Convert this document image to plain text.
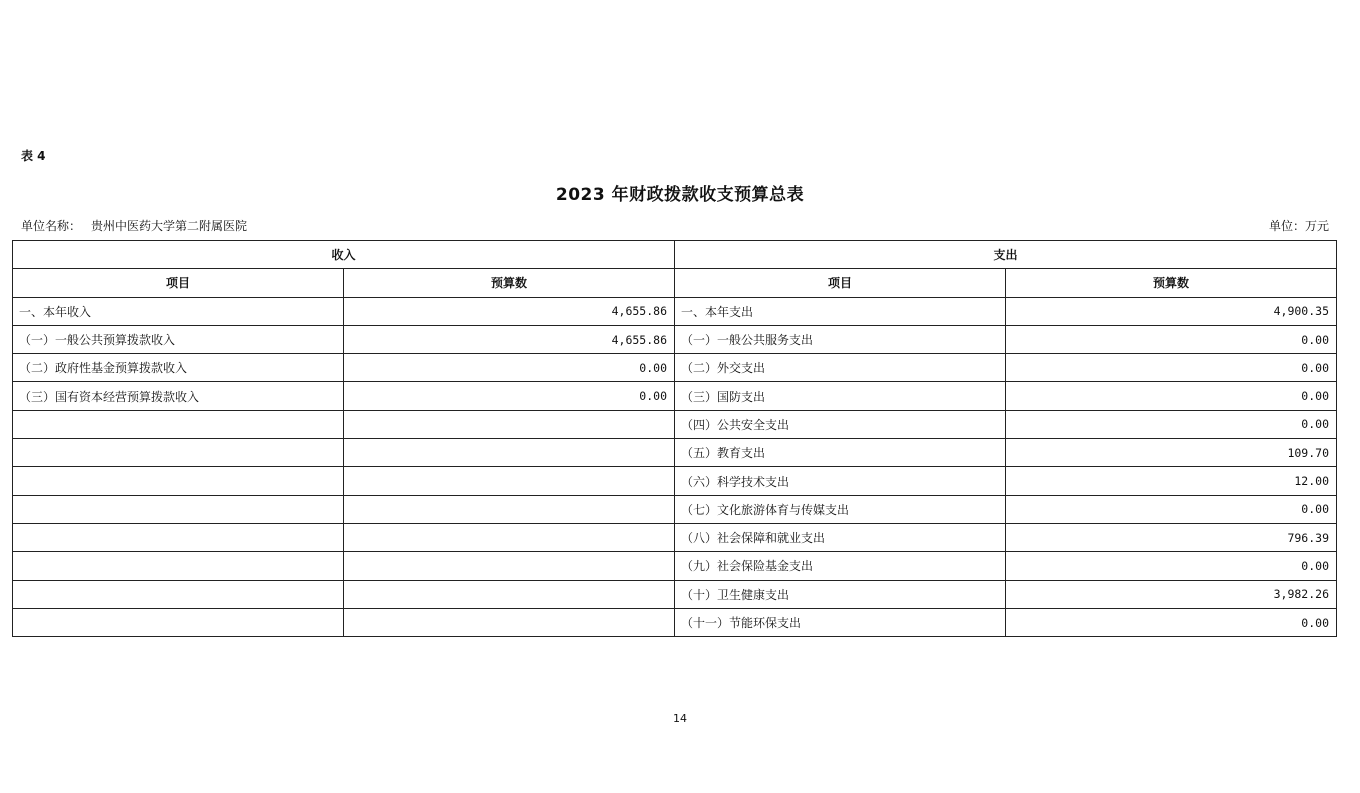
表 4
2023 年财政拨款收支预算总表
单位名称： 贵州中医药大学第二附属医院	单位：万元
收入		支出	
项目	预算数	项目	预算数
一、本年收入	4,655.86	一、本年支出	4,900.35
（一）一般公共预算拨款收入	4,655.86	（一）一般公共服务支出	0.00
（二）政府性基金预算拨款收入	0.00	（二）外交支出	0.00
（三）国有资本经营预算拨款收入	0.00	（三）国防支出	0.00
		（四）公共安全支出	0.00
		（五）教育支出	109.70
		（六）科学技术支出	12.00
		（七）文化旅游体育与传媒支出	0.00
		（八）社会保障和就业支出	796.39
		（九）社会保险基金支出	0.00
		（十）卫生健康支出	3,982.26
		（十一）节能环保支出	0.00
14
